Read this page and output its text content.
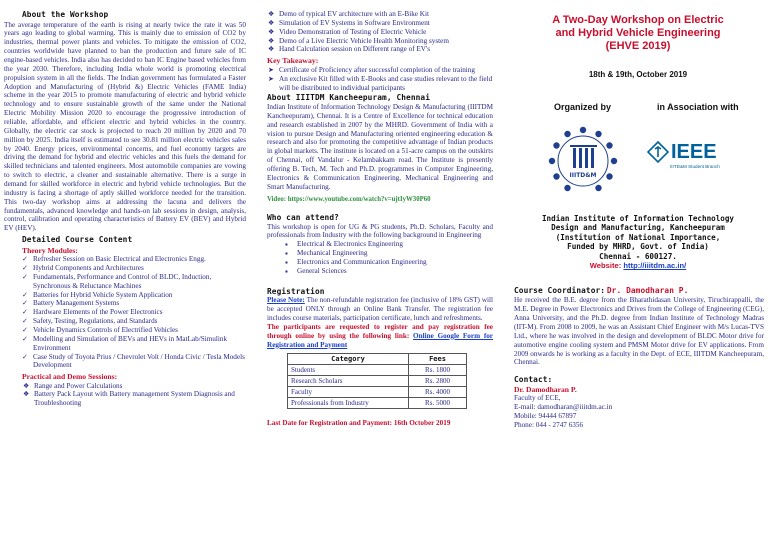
About the Workshop

The average temperature of the earth is rising at nearly twice the rate it was 50 years ago leading to global warming. This is mainly due to emission of CO2 by industries, thermal power plants and vehicles. To mitigate the emission of CO2, countries worldwide have planned to ban the production and future sale of IC engine-based vehicles. India also has decided to ban IC Engine based vehicles from the year 2030. Therefore, including India whole world is promoting electrical propulsion system in all the fields. The Indian government has formulated a Faster Adoption and Manufacturing of (Hybrid &) Electric Vehicles (FAME India) scheme in the year 2015 to promote manufacturing of electric and hybrid vehicle technology and to ensure sustainable growth of the same under the National Electric Mobility Mission 2020 to encourage the progressive introduction of reliable, affordable, and efficient electric and hybrid vehicles in the country. Globally, the electric car stock is projected to reach 20 million by 2020 and 70 million by 2025. India itself is estimated to see 30.81 million electric vehicles sales by 2040. Energy prices, environmental concerns, and fuel economy targets are driving the demand for hybrid and electric vehicles and this fuels the demand for skilled technicians and talented engineers. Most automobile companies are vowing to switch to electric, a cleaner and sustainable alternative. There is a surge in demand for skilled workforce in electric and hybrid vehicle technologies. But the industry is facing a shortage of aptly skilled workforce needed for the transition. This two-day workshop aims at addressing the lacuna and delivers the fundamentals, advanced knowledge and hands-on lab sessions in design, analysis, control, calibration and operating characteristics of Battery EV (BEV) and Hybrid EV (HEV).

Detailed Course Content
Theory Modules:
✓ Refresher Session on Basic Electrical and Electronics Engg.
✓ Hybrid Components and Architectures
✓ Fundamentals, Performance and Control of BLDC, Induction, Synchronous & Reluctance Machines
✓ Batteries for Hybrid Vehicle System Application
✓ Battery Management Systems
✓ Hardware Elements of the Power Electronics
✓ Safety, Testing, Regulations, and Standards
✓ Vehicle Dynamics Controls of Electrified Vehicles
✓ Modelling and Simulation of BEVs and HEVs in MatLab/Simulink Environment
✓ Case Study of Toyota Prius / Chevrolet Volt / Honda Civic / Tesla Models Development
Practical and Demo Sessions:
❖ Range and Power Calculations
❖ Battery Pack Layout with Battery management System Diagnosis and Troubleshooting
❖ Demo of typical EV architecture with an E-Bike Kit
❖ Simulation of EV Systems in Software Environment
❖ Video Demonstration of Testing of Electric Vehicle
❖ Demo of a Live Electric Vehicle Health Monitoring system
❖ Hand Calculation session on Different range of EV's
Key Takeaway:
➤ Certificate of Proficiency after successful completion of the training
➤ An exclusive Kit filled with E-Books and case studies relevant to the field will be distributed to individual participants
About IIITDM Kancheepuram, Chennai

Indian Institute of Information Technology Design & Manufacturing (IIITDM Kancheepuram), Chennai. It is a Centre of Excellence for technical education and research established in 2007 by the MHRD. Government of India with a vision to pursue Design and Manufacturing oriented engineering education & research and also for promoting the competitive advantage of Indian products in global markets. The institute is located on a 51-acre campus on the outskirts of Chennai, off Vandalur - Kelambakkam road. The Institute is presently offering B. Tech, M. Tech and Ph.D. programmes in Computer Engineering, Electronics & Communication Engineering, Mechanical Engineering and Smart Manufacturing.

Video: https://www.youtube.com/watch?v=ujtIyW30P60
Who can attend?

This workshop is open for UG & PG students, Ph.D. Scholars, Faculty and professionals from Industry with the following background in Engineering

▪ Electrical & Electronics Engineering
▪ Mechanical Engineering
▪ Electronics and Communication Engineering
▪ General Sciences
Registration

Please Note: The non-refundable registration fee (inclusive of 18% GST) will be accepted ONLY through an Online Bank Transfer. The registration fee includes course materials, participation certificate, lunch and refreshments.

The participants are requested to register and pay registration fee through online by using the following link: Online Google Form for Registration and Payment

Category	Fees
Students	Rs. 1800
Research Scholars	Rs. 2800
Faculty	Rs. 4000
Professionals from Industry	Rs. 5000
Last Date for Registration and Payment: 16th October 2019
A Two-Day Workshop on Electric and Hybrid Vehicle Engineering (EHVE 2019)
18th & 19th, October 2019
Organized by	in Association with
IIITD&M
IEEE
IIITD&M Student Branch
Indian Institute of Information Technology
Design and Manufacturing, Kancheepuram
(Institution of National Importance,
Funded by MHRD, Govt. of India)
Chennai - 600127.
Website: http://iiitdm.ac.in/
Course Coordinator: Dr. Damodharan P.

He received the B.E. degree from the Bharathidasan University, Tiruchirappalli, the M.E. Degree in Power Electronics and Drives from the College of Engineering (CEG), Anna University, and the Ph.D. degree from Indian Institute of Technology Madras (IIT-M). From 2008 to 2009, he was an Assistant Chief Engineer with M/s Lucas-TVS Ltd., where he was involved in the design and development of BLDC Motor drive for automotive engine cooling system and PMSM Motor drive for EV applications. From 2009 onwards he is working as a faculty in the Dept. of ECE, IIITDM Kancheepuram, Chennai.

Contact:
Dr. Damodharan P.
Faculty of ECE,
E-mail: damodharan@iiitdm.ac.in
Mobile: 94444 67897
Phone: 044 - 2747 6356
